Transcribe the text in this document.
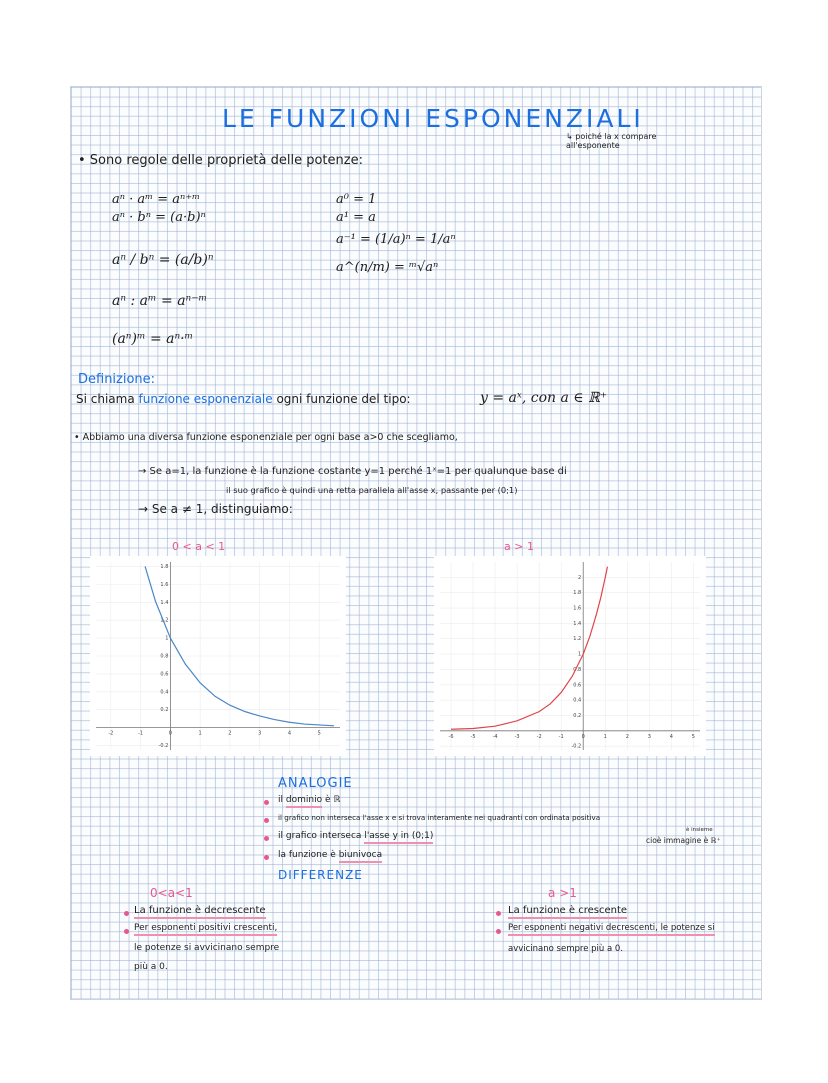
LE FUNZIONI ESPONENZIALI
↳ poiché la x compare all'esponente
• Sono regole delle proprietà delle potenze:
aⁿ · aᵐ = aⁿ⁺ᵐ
aⁿ · bⁿ = (a·b)ⁿ
aⁿ / bⁿ = (a/b)ⁿ
aⁿ : aᵐ = aⁿ⁻ᵐ
(aⁿ)ᵐ = aⁿ·ᵐ
a⁰ = 1
a¹ = a
a⁻¹ = (1/a)ⁿ = 1/aⁿ
a^(n/m) = ᵐ√aⁿ
Definizione:
Si chiama funzione esponenziale ogni funzione del tipo:	y = aˣ, con a ∈ ℝ⁺
• Abbiamo una diversa funzione esponenziale per ogni base a>0 che scegliamo,
→ Se a=1, la funzione è la funzione costante y=1 perché 1ˣ=1 per qualunque base di
il suo grafico è quindi una retta parallela all'asse x, passante per (0;1)
→ Se a ≠ 1, distinguiamo:
0 < a < 1	a > 1
-2	-1	0	1	2	3	4	5
-0.2
0.2
0.4
0.6
0.8
1
1.2
1.4
1.6
1.8
-6	-5	-4	-3	-2	-1	0	1	2	3	4	5
-0.2
0.2
0.4
0.6
0.8
1
1.2
1.4
1.6
1.8
2
ANALOGIE
il dominio è ℝ
il grafico non interseca l'asse x e si trova interamente nei quadranti con ordinata positiva
il grafico interseca l'asse y in (0;1)
è insieme
cioè immagine è ℝ⁺
la funzione è biunivoca
DIFFERENZE
0<a<1
La funzione è decrescente
Per esponenti positivi crescenti,
le potenze si avvicinano sempre
più a 0.
a >1
La funzione è crescente
Per esponenti negativi decrescenti, le potenze si
avvicinano sempre più a 0.
